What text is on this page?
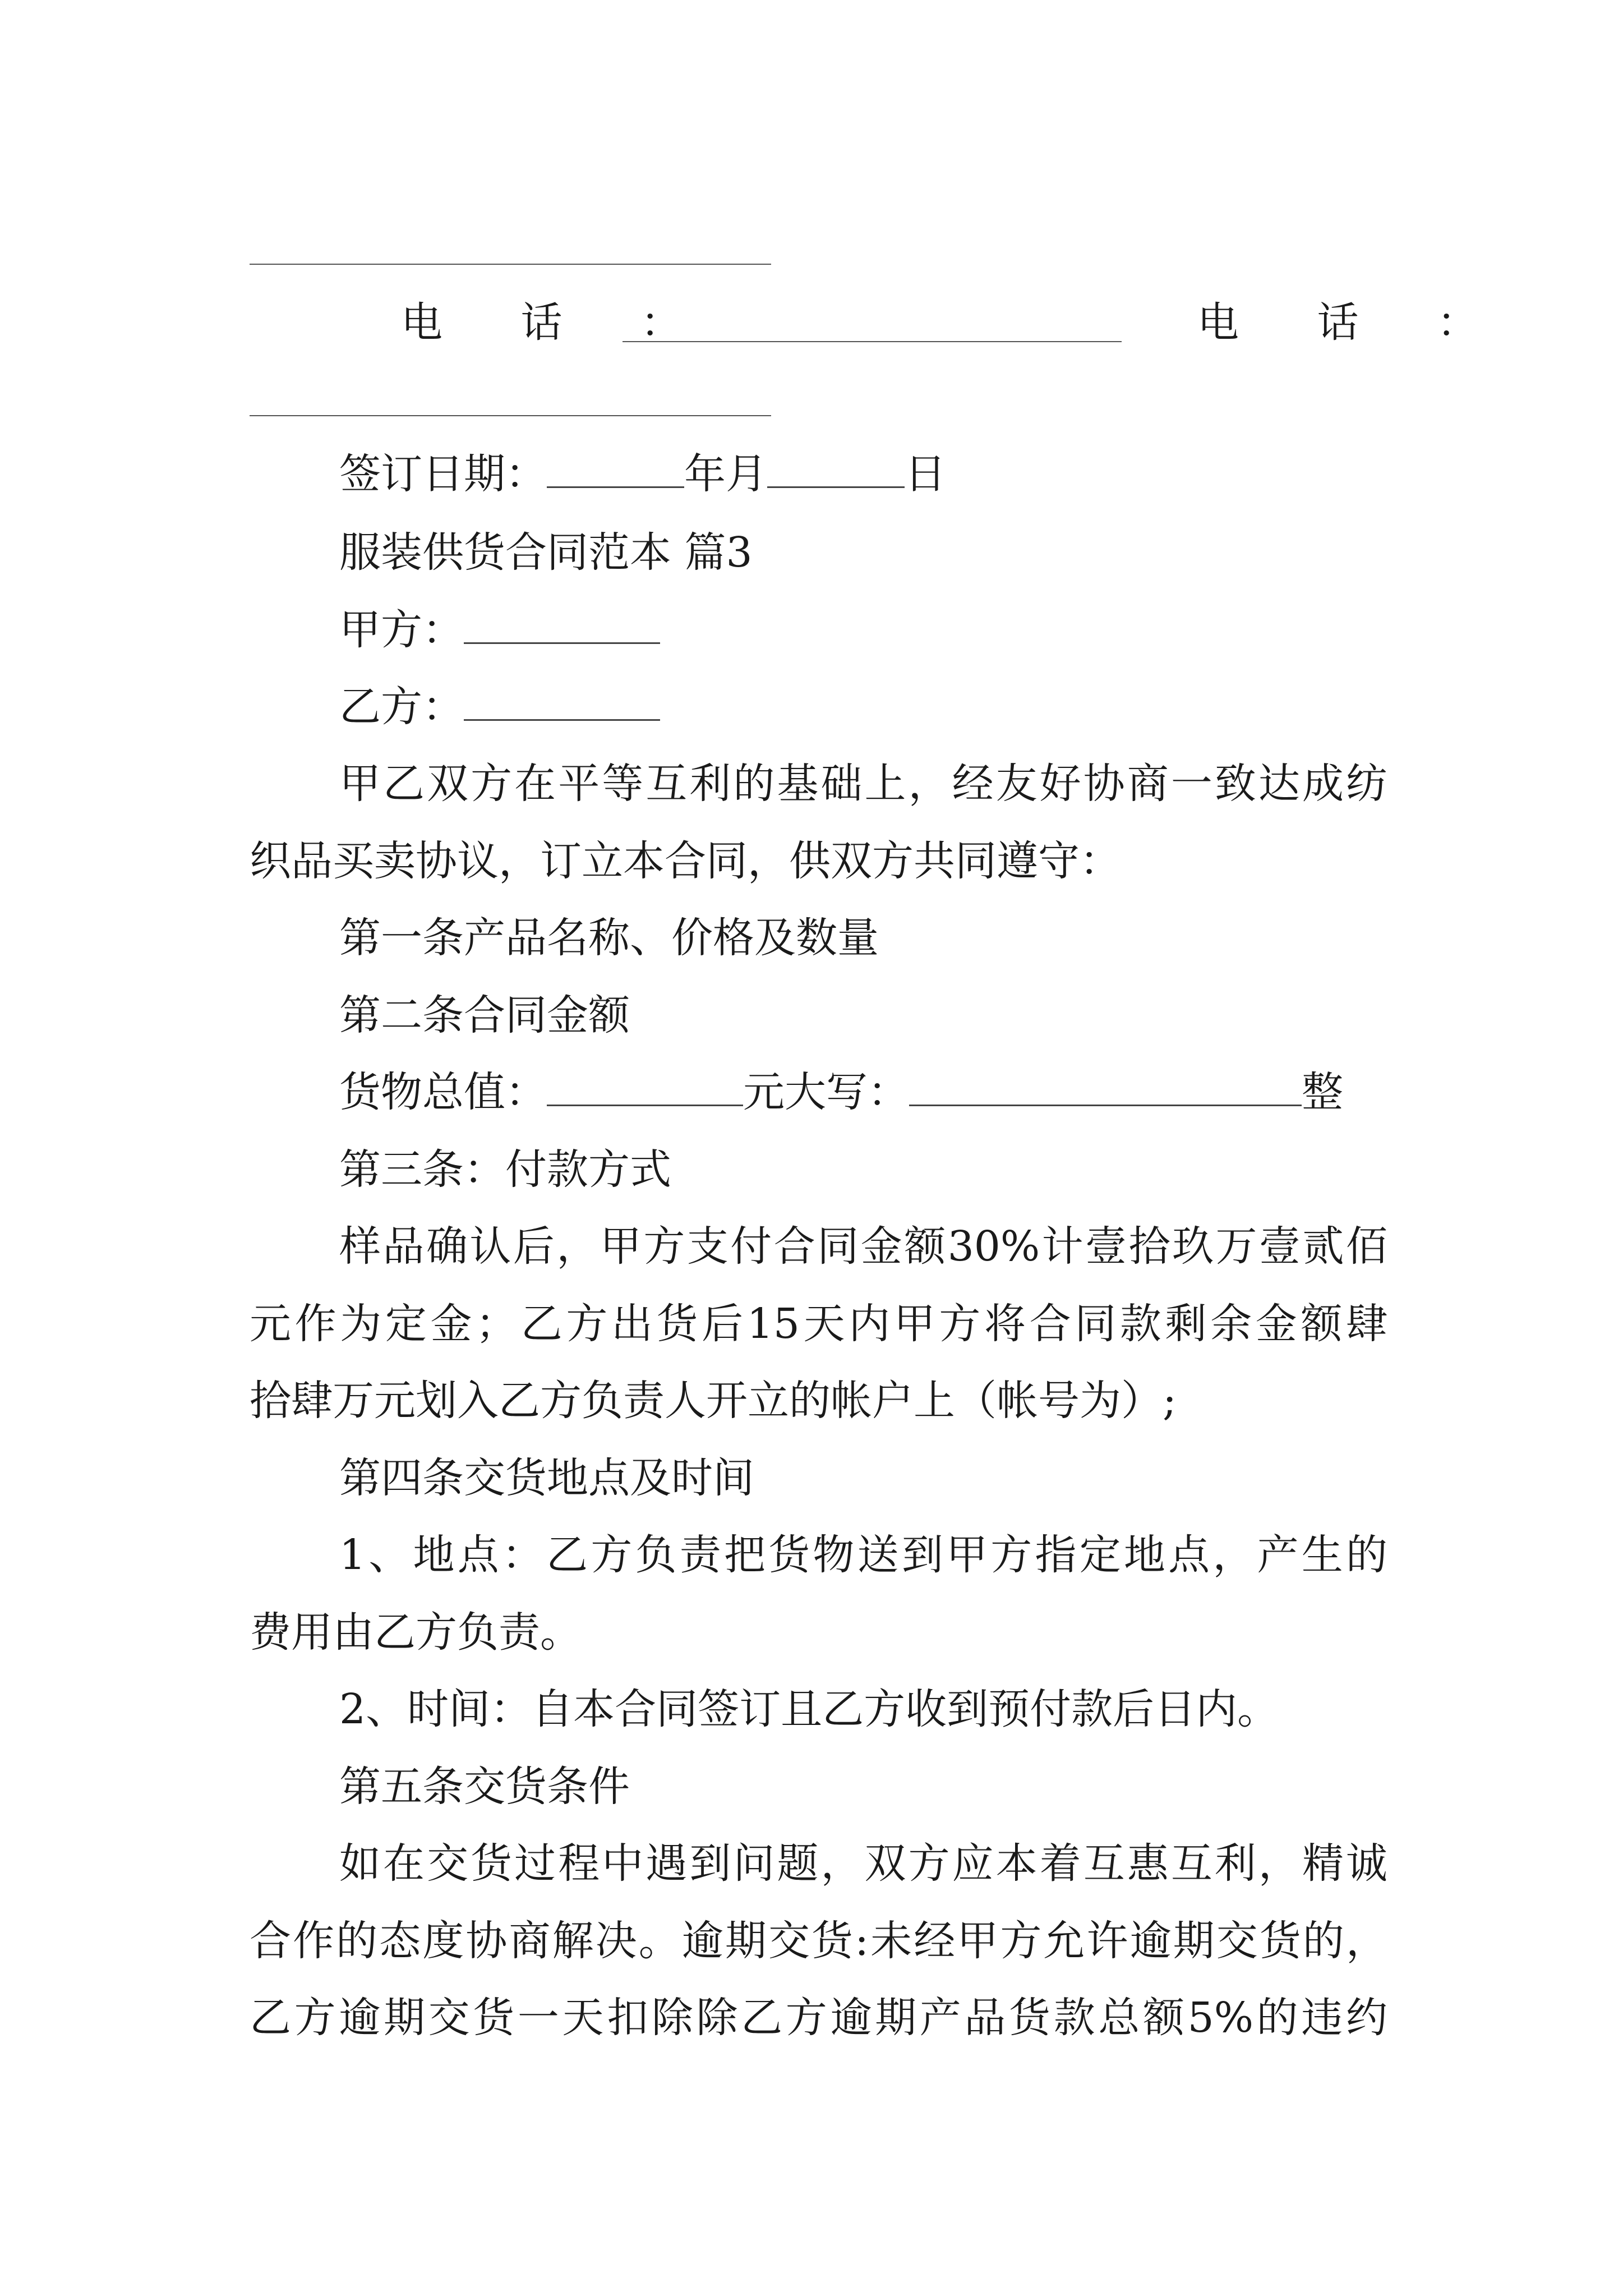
电 话 ：	电 话 ：
签订日期：	年月	日
服装供货合同范本 篇3
甲方：
乙方：
甲乙双方在平等互利的基础上，经友好协商一致达成纺
织品买卖协议，订立本合同，供双方共同遵守：
第一条产品名称、价格及数量
第二条合同金额
货物总值：	元大写：	整
第三条：付款方式
样品确认后，甲方支付合同金额30%计壹拾玖万壹贰佰
元作为定金；乙方出货后15天内甲方将合同款剩余金额肆
拾肆万元划入乙方负责人开立的帐户上（帐号为）;
第四条交货地点及时间
1、地点：乙方负责把货物送到甲方指定地点，产生的
费用由乙方负责。
2、时间：自本合同签订且乙方收到预付款后日内。
第五条交货条件
如在交货过程中遇到问题，双方应本着互惠互利，精诚
合作的态度协商解决。逾期交货:未经甲方允许逾期交货的，
乙方逾期交货一天扣除除乙方逾期产品货款总额5%的违约
